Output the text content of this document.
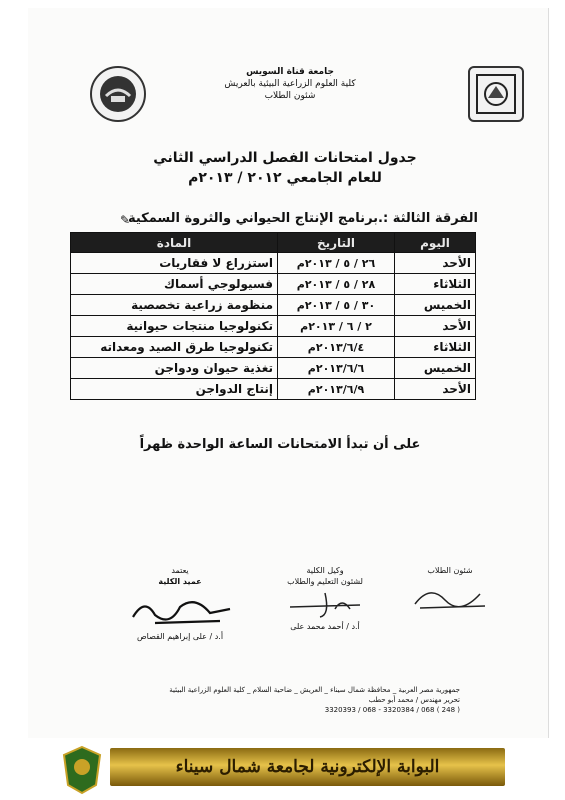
جامعة قناة السويس
كلية العلوم الزراعية البيئية بالعريش
شئون الطلاب
جدول امتحانات الفصل الدراسي الثاني
للعام الجامعي ٢٠١٢ / ٢٠١٣م
✎
الفرقة الثالثة :.برنامج الإنتاج الحيواني والثروة السمكية
اليوم	التاريخ	المادة
الأحد	٢٦ / ٥ / ٢٠١٣م	استزراع لا فقاريات
الثلاثاء	٢٨ / ٥ / ٢٠١٣م	فسيولوجي أسماك
الخميس	٣٠ / ٥ / ٢٠١٣م	منظومة زراعية تخصصية
الأحد	٢ / ٦ / ٢٠١٣م	تكنولوجيا منتجات حيوانية
الثلاثاء	٢٠١٣/٦/٤م	تكنولوجيا طرق الصيد ومعداته
الخميس	٢٠١٣/٦/٦م	تغذية حيوان ودواجن
الأحد	٢٠١٣/٦/٩م	إنتاج الدواجن
على أن تبدأ الامتحانات الساعة الواحدة ظهراً
شئون الطلاب
وكيل الكلية
لشئون التعليم والطلاب
أ.د / أحمد محمد على
يعتمد
عميد الكلية
أ.د / على إبراهيم القصاص
جمهورية مصر العربية _ محافظة شمال سيناء _ العريش _ ضاحية السلام _ كلية العلوم الزراعية البيئية
تحرير مهندس / محمد أبو حطب
( 248 ) 068 / 3320384 - 068 / 3320393
البوابة الإلكترونية لجامعة شمال سيناء
